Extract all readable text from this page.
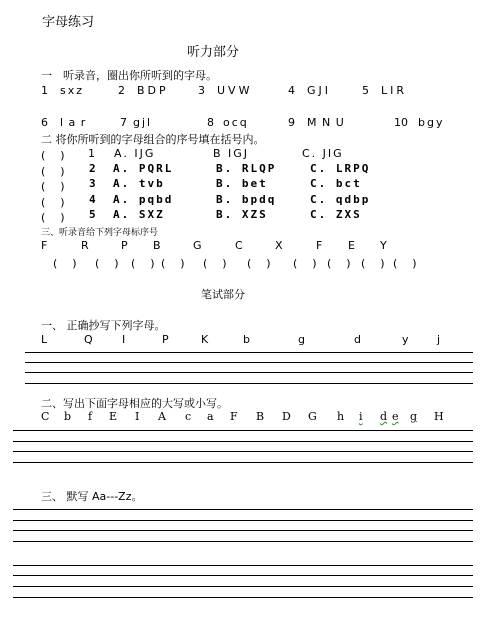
字母练习
听力部分
一　听录音，圈出你所听到的字母。
1 sxz	2 BDP	3 UVW	4 GJI	5 LIR
6 l a r	7 gjl	8 ocq	9 M N U	10 bgy
二 将你所听到的字母组合的序号填在括号内。
(　) 1 A. IJG	B IGJ	C. JIG
(　) 2 A. PQRL	B. RLQP	C. LRPQ
(　) 3 A. tvb	B. bet	C. bct
(　) 4 A. pqbd	B. bpdq	C. qdbp
(　) 5 A. SXZ	B. XZS	C. ZXS
三、听录音给下列字母标序号
F	R	P B	G	C	X	F E Y
(　) (　) (　) (　) (　) (　) (　) (　) (　) (　)
笔试部分
一、 正确抄写下列字母。
L	Q	I	P	K	b	g	d	y	j
二、写出下面字母相应的大写或小写。
C b f E I A c a F B D G h i d e g H
三、 默写 Aa---Zz。
